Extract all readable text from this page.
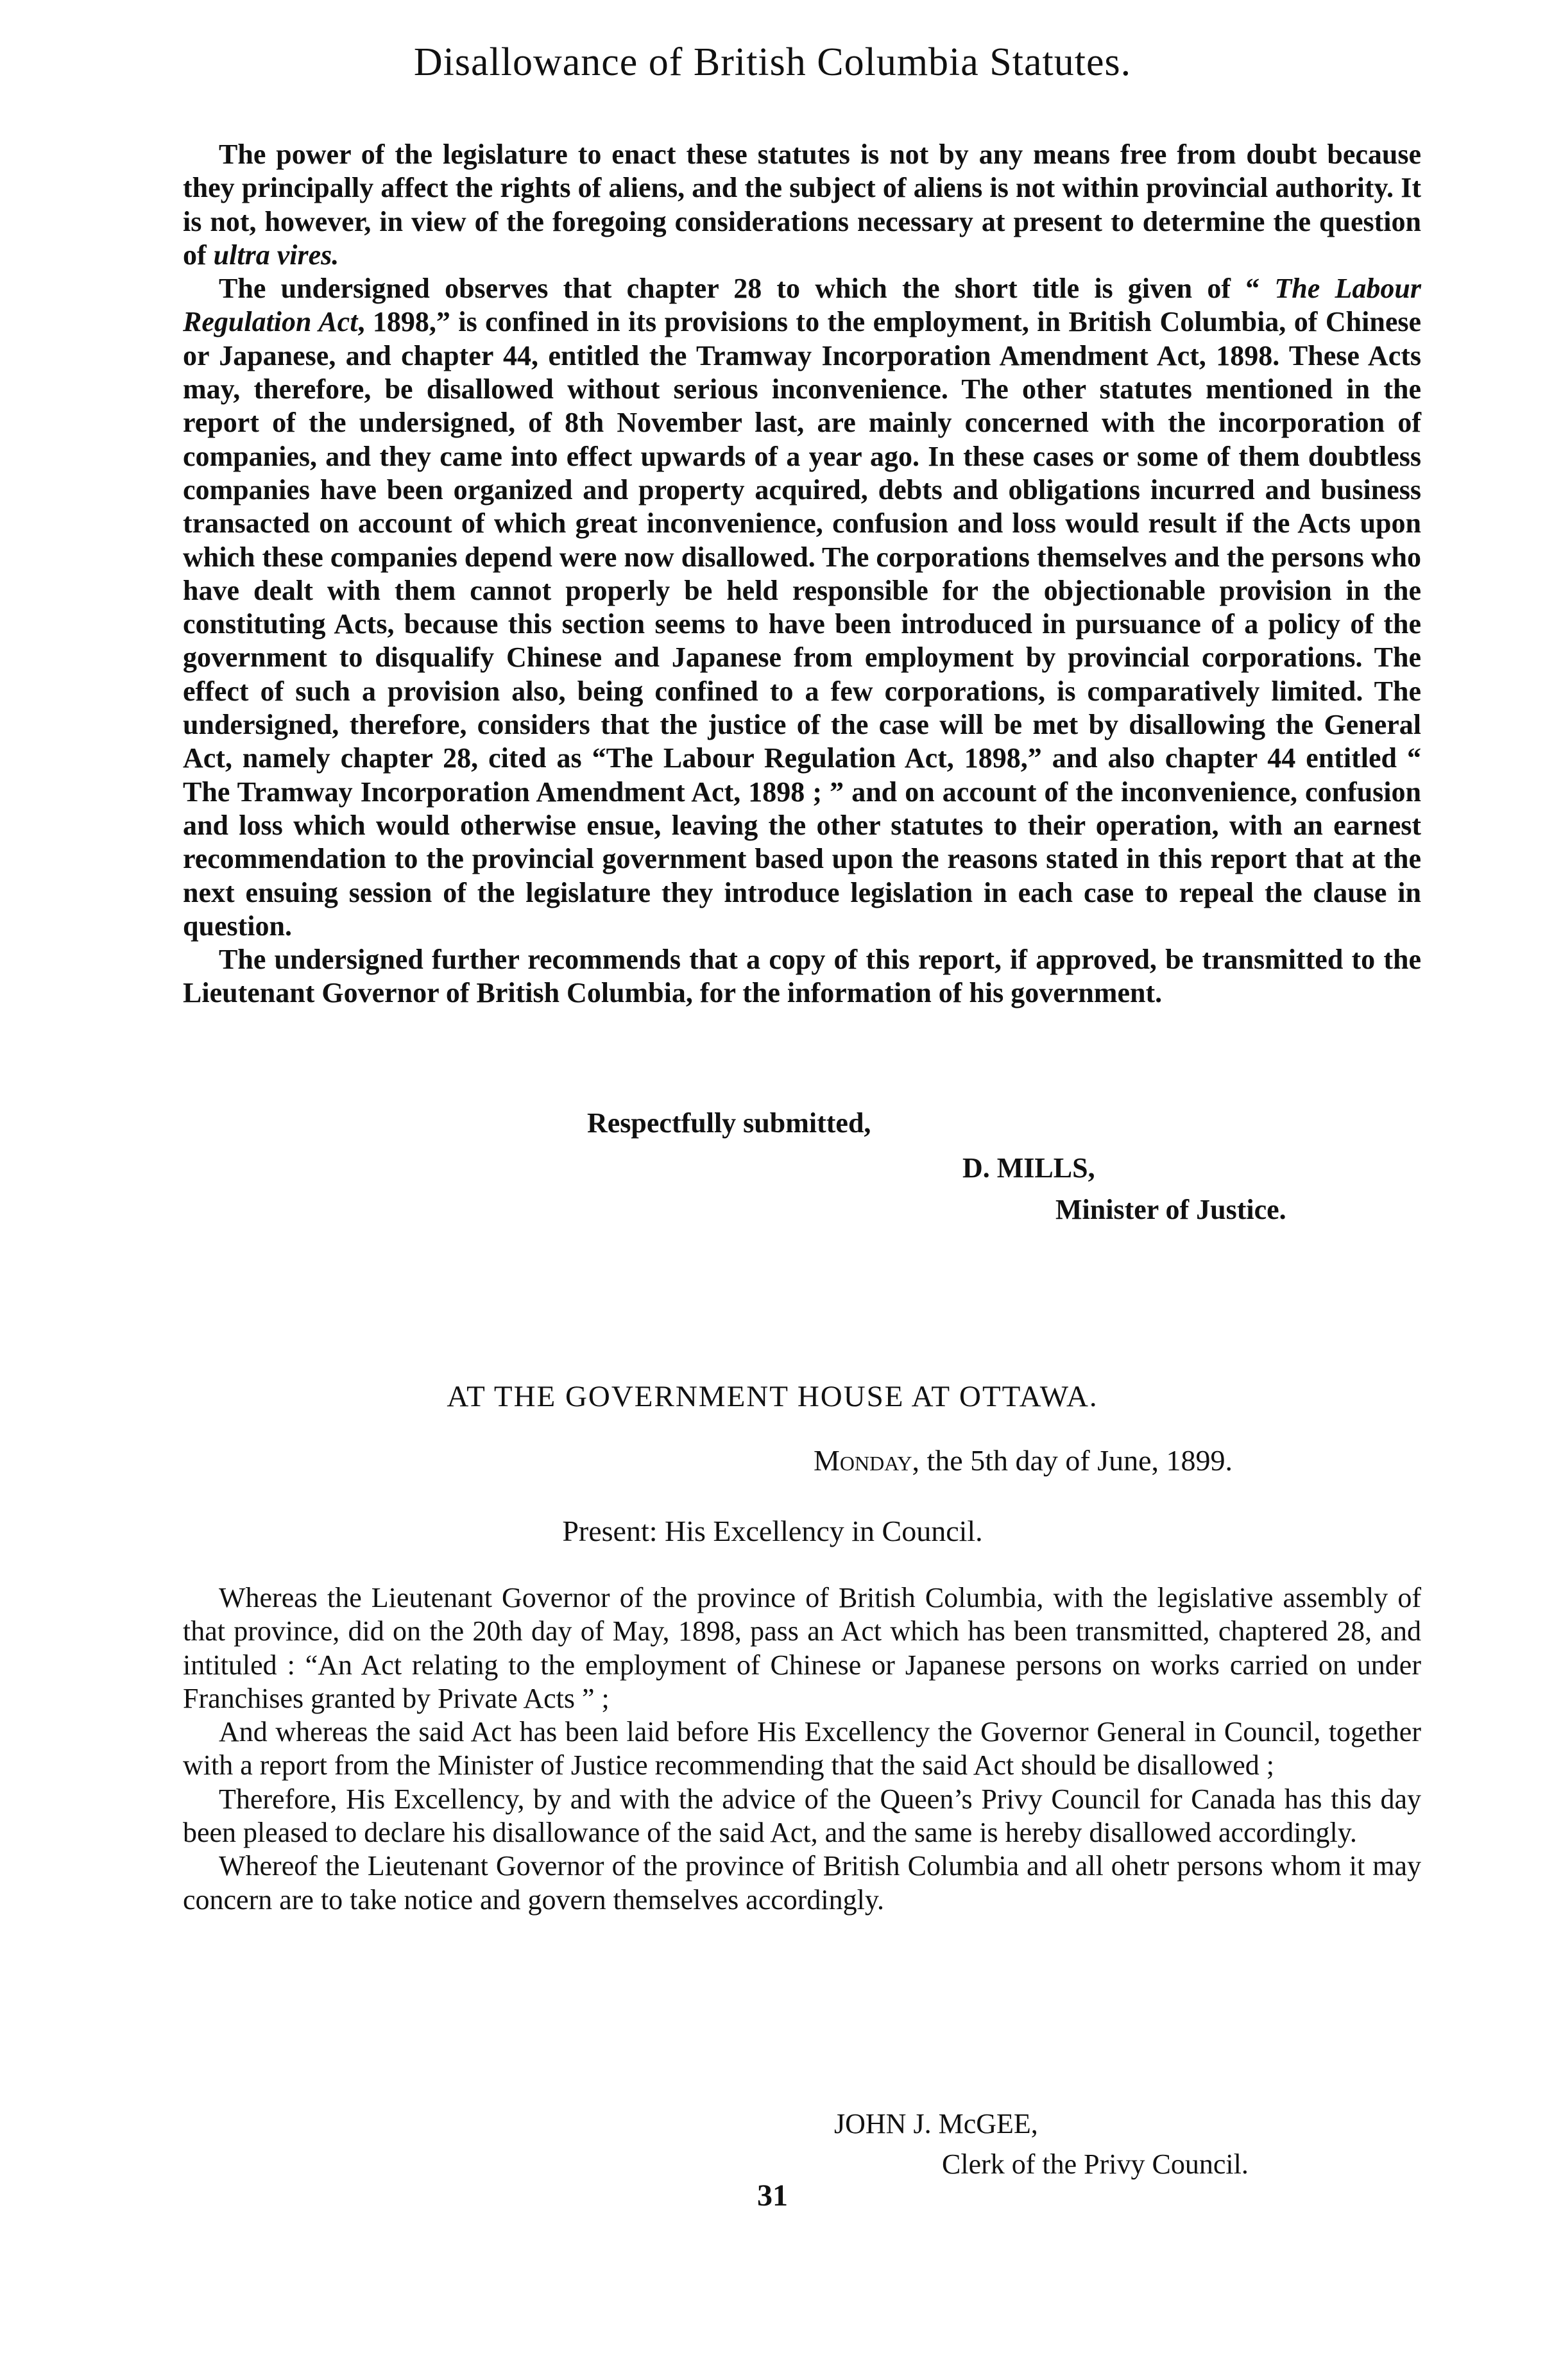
Disallowance of British Columbia Statutes.

The power of the legislature to enact these statutes is not by any means free from doubt because they principally affect the rights of aliens, and the subject of aliens is not within provincial authority. It is not, however, in view of the foregoing considerations necessary at present to determine the question of ultra vires.

The undersigned observes that chapter 28 to which the short title is given of “ The Labour Regulation Act, 1898,” is confined in its provisions to the employment, in British Columbia, of Chinese or Japanese, and chapter 44, entitled the Tramway Incorporation Amendment Act, 1898. These Acts may, therefore, be disallowed without serious inconvenience. The other statutes mentioned in the report of the undersigned, of 8th November last, are mainly concerned with the incorporation of companies, and they came into effect upwards of a year ago. In these cases or some of them doubtless companies have been organized and property acquired, debts and obligations incurred and business transacted on account of which great inconvenience, confusion and loss would result if the Acts upon which these companies depend were now disallowed. The corporations themselves and the persons who have dealt with them cannot properly be held responsible for the objectionable provision in the constituting Acts, because this section seems to have been introduced in pursuance of a policy of the government to disqualify Chinese and Japanese from employment by provincial corporations. The effect of such a provision also, being confined to a few corporations, is comparatively limited. The undersigned, therefore, considers that the justice of the case will be met by disallowing the General Act, namely chapter 28, cited as “The Labour Regulation Act, 1898,” and also chapter 44 entitled “ The Tramway Incorporation Amendment Act, 1898 ; ” and on account of the inconvenience, confusion and loss which would otherwise ensue, leaving the other statutes to their operation, with an earnest recommendation to the provincial government based upon the reasons stated in this report that at the next ensuing session of the legislature they introduce legislation in each case to repeal the clause in question.

The undersigned further recommends that a copy of this report, if approved, be transmitted to the Lieutenant Governor of British Columbia, for the information of his government.

Respectfully submitted,
D. MILLS,
Minister of Justice.
AT THE GOVERNMENT HOUSE AT OTTAWA.
Monday, the 5th day of June, 1899.
Present: His Excellency in Council.

Whereas the Lieutenant Governor of the province of British Columbia, with the legislative assembly of that province, did on the 20th day of May, 1898, pass an Act which has been transmitted, chaptered 28, and intituled : “An Act relating to the employment of Chinese or Japanese persons on works carried on under Franchises granted by Private Acts ” ;

And whereas the said Act has been laid before His Excellency the Governor General in Council, together with a report from the Minister of Justice recommending that the said Act should be disallowed ;

Therefore, His Excellency, by and with the advice of the Queen’s Privy Council for Canada has this day been pleased to declare his disallowance of the said Act, and the same is hereby disallowed accordingly.

Whereof the Lieutenant Governor of the province of British Columbia and all ohetr persons whom it may concern are to take notice and govern themselves accordingly.

JOHN J. McGEE,
Clerk of the Privy Council.
31
